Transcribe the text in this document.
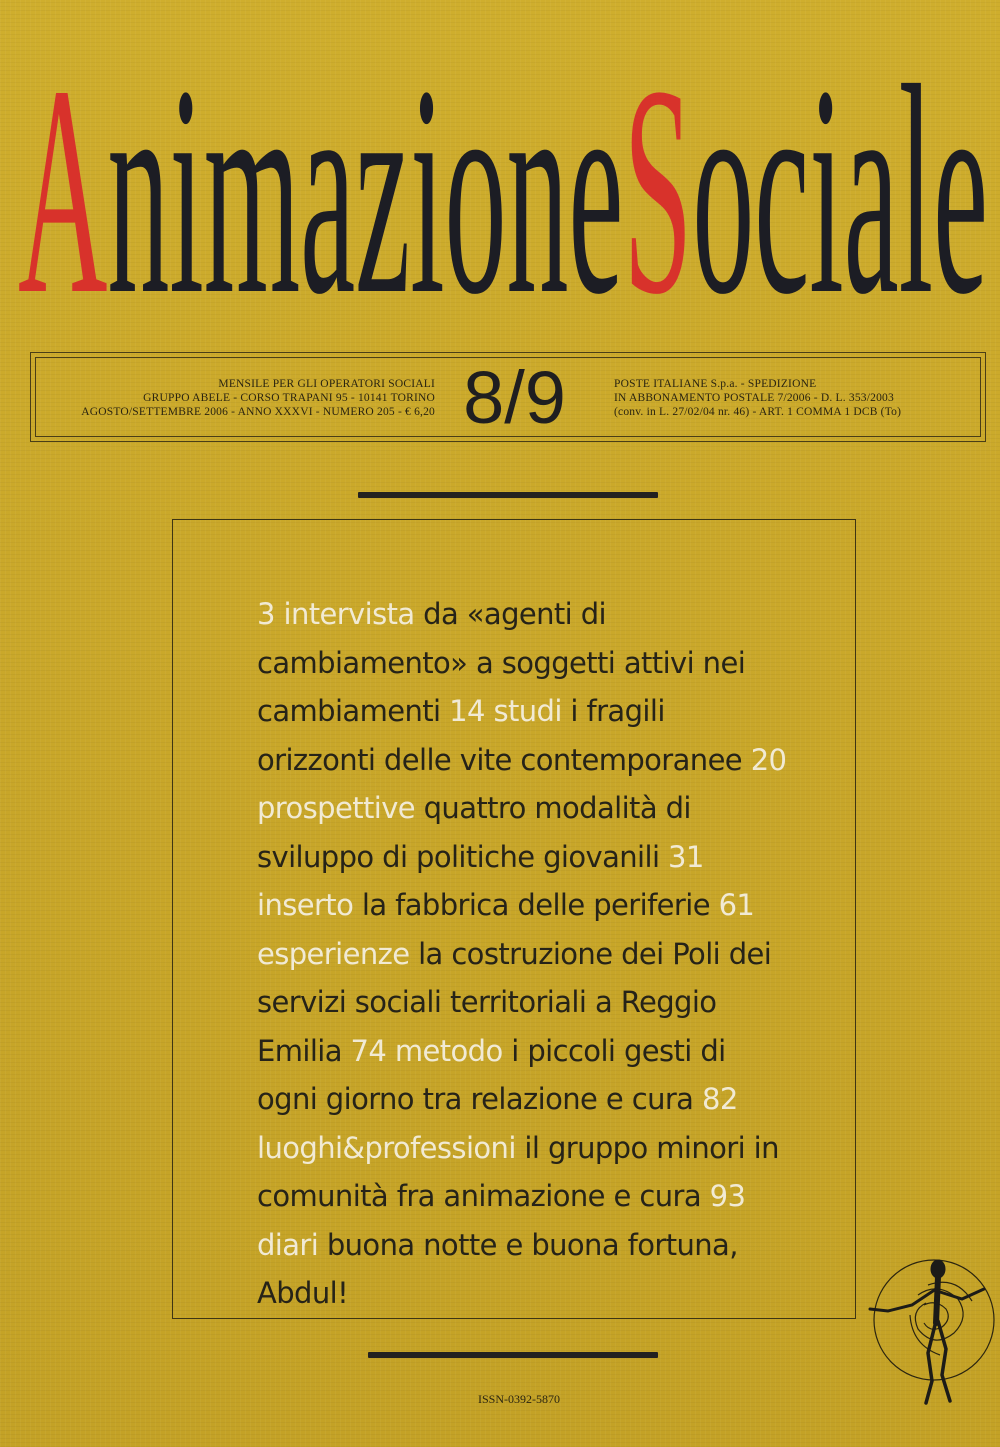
AnimazioneSociale
MENSILE PER GLI OPERATORI SOCIALI
GRUPPO ABELE - CORSO TRAPANI 95 - 10141 TORINO
AGOSTO/SETTEMBRE 2006 - ANNO XXXVI - NUMERO 205 - € 6,20
POSTE ITALIANE S.p.a. - SPEDIZIONE
IN ABBONAMENTO POSTALE 7/2006 - D. L. 353/2003
(conv. in L. 27/02/04 nr. 46) - ART. 1 COMMA 1 DCB (To)
8/9
3 intervista da «agenti di cambiamento» a soggetti attivi nei cambiamenti 14 studi i fragili orizzonti delle vite contemporanee 20 prospettive quattro modalità di sviluppo di politiche giovanili 31 inserto la fabbrica delle periferie 61 esperienze la costruzione dei Poli dei servizi sociali territoriali a Reggio Emilia 74 metodo i piccoli gesti di ogni giorno tra relazione e cura 82 luoghi&professioni il gruppo minori in comunità fra animazione e cura 93 diari buona notte e buona fortuna, Abdul!
ISSN-0392-5870
